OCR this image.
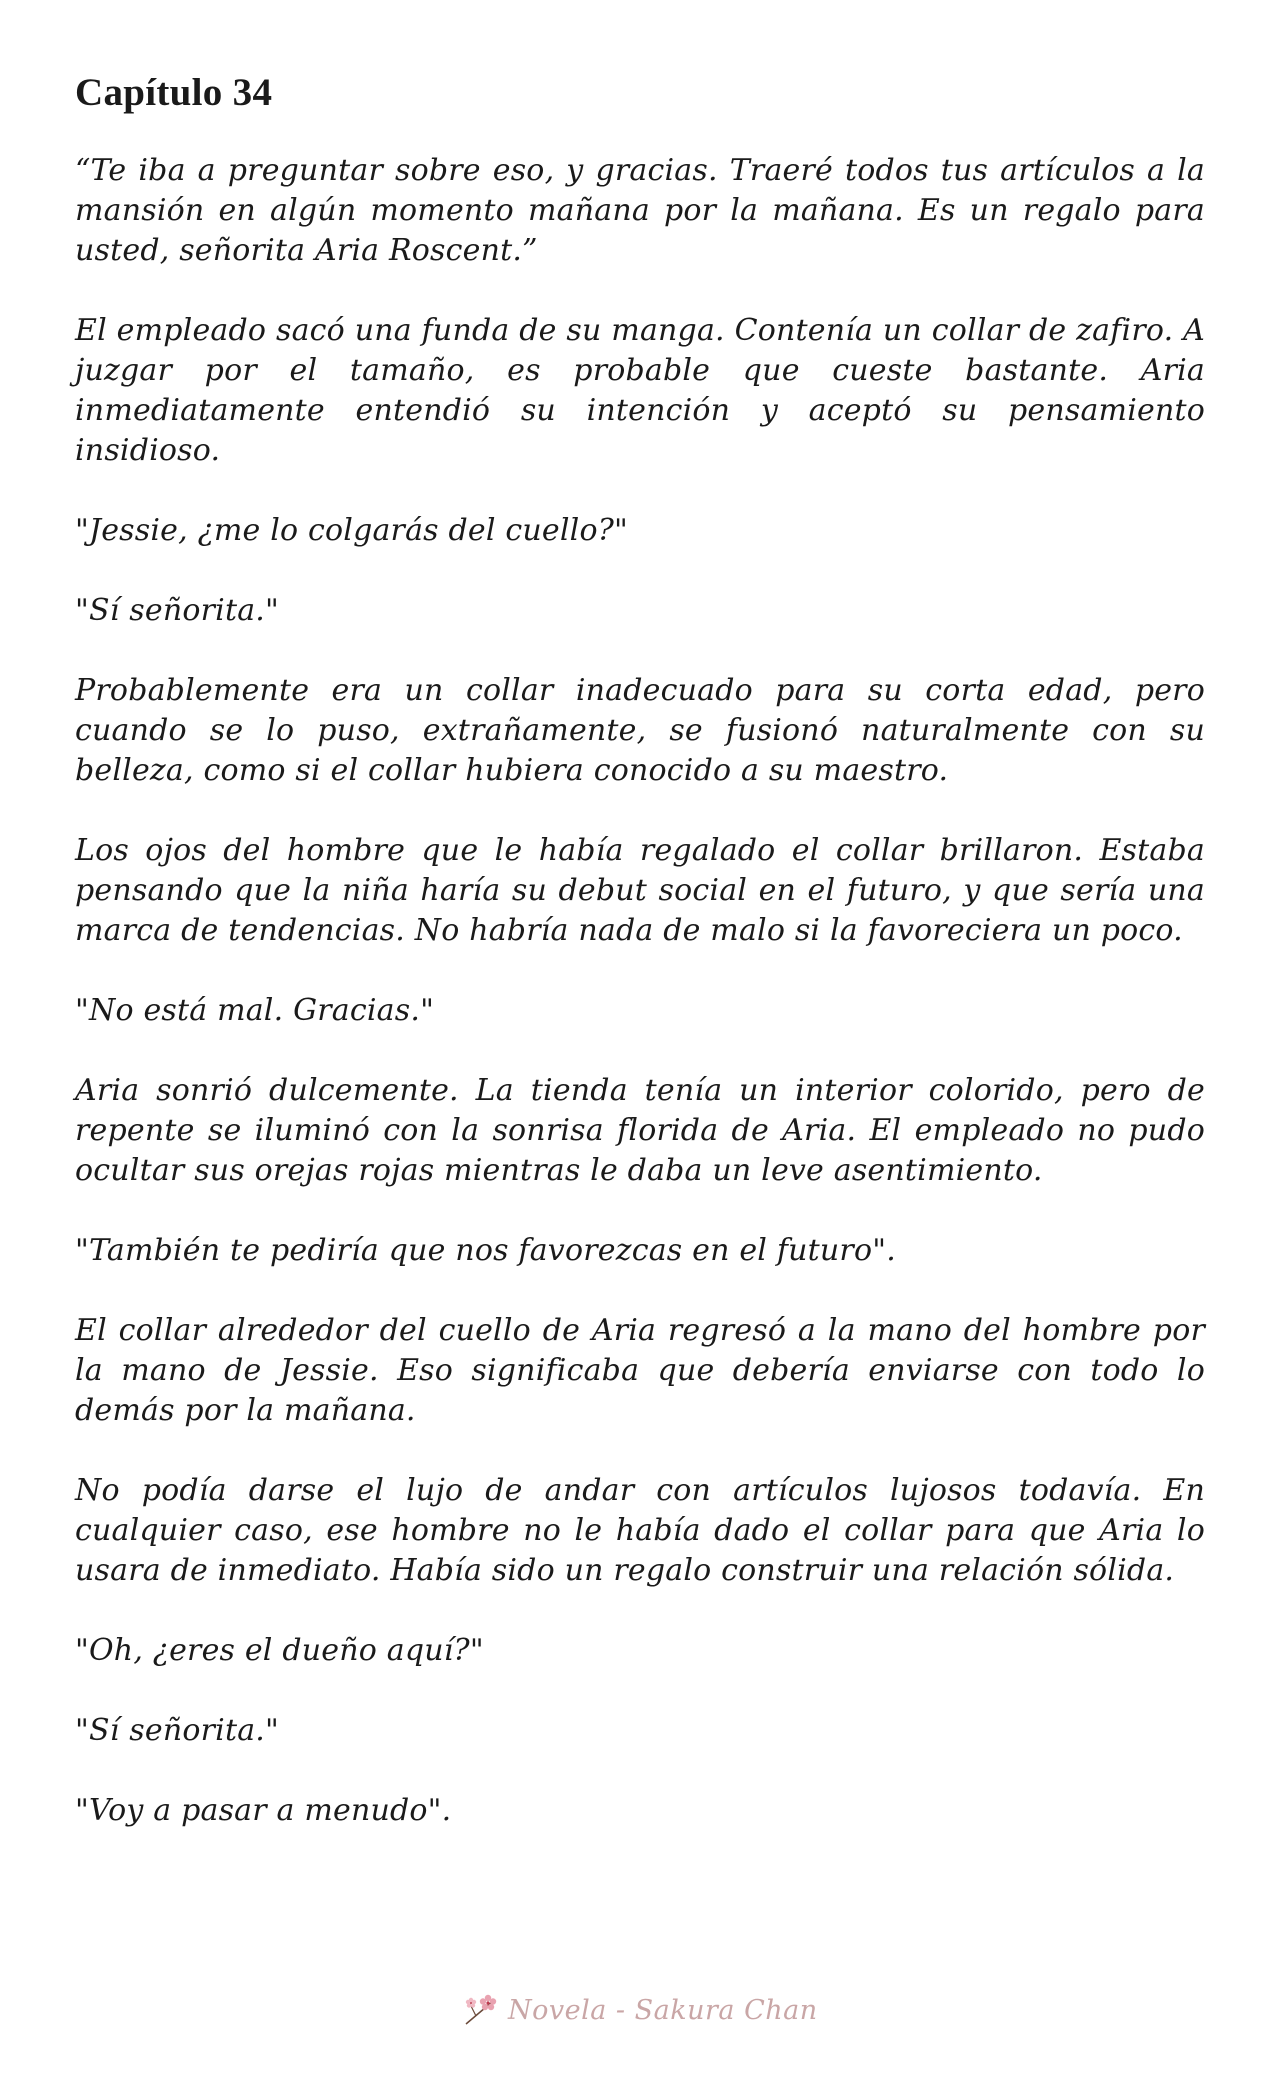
Capítulo 34

“Te iba a preguntar sobre eso, y gracias. Traeré todos tus artículos a la mansión en algún momento mañana por la mañana. Es un regalo para usted, señorita Aria Roscent.”

El empleado sacó una funda de su manga. Contenía un collar de zafiro. A juzgar por el tamaño, es probable que cueste bastante. Aria inmediatamente entendió su intención y aceptó su pensamiento insidioso.

"Jessie, ¿me lo colgarás del cuello?"

"Sí señorita."

Probablemente era un collar inadecuado para su corta edad, pero cuando se lo puso, extrañamente, se fusionó naturalmente con su belleza, como si el collar hubiera conocido a su maestro.

Los ojos del hombre que le había regalado el collar brillaron. Estaba pensando que la niña haría su debut social en el futuro, y que sería una marca de tendencias. No habría nada de malo si la favoreciera un poco.

"No está mal. Gracias."

Aria sonrió dulcemente. La tienda tenía un interior colorido, pero de repente se iluminó con la sonrisa florida de Aria. El empleado no pudo ocultar sus orejas rojas mientras le daba un leve asentimiento.

"También te pediría que nos favorezcas en el futuro".

El collar alrededor del cuello de Aria regresó a la mano del hombre por la mano de Jessie. Eso significaba que debería enviarse con todo lo demás por la mañana.

No podía darse el lujo de andar con artículos lujosos todavía. En cualquier caso, ese hombre no le había dado el collar para que Aria lo usara de inmediato. Había sido un regalo construir una relación sólida.

"Oh, ¿eres el dueño aquí?"

"Sí señorita."

"Voy a pasar a menudo".

Novela - Sakura Chan
